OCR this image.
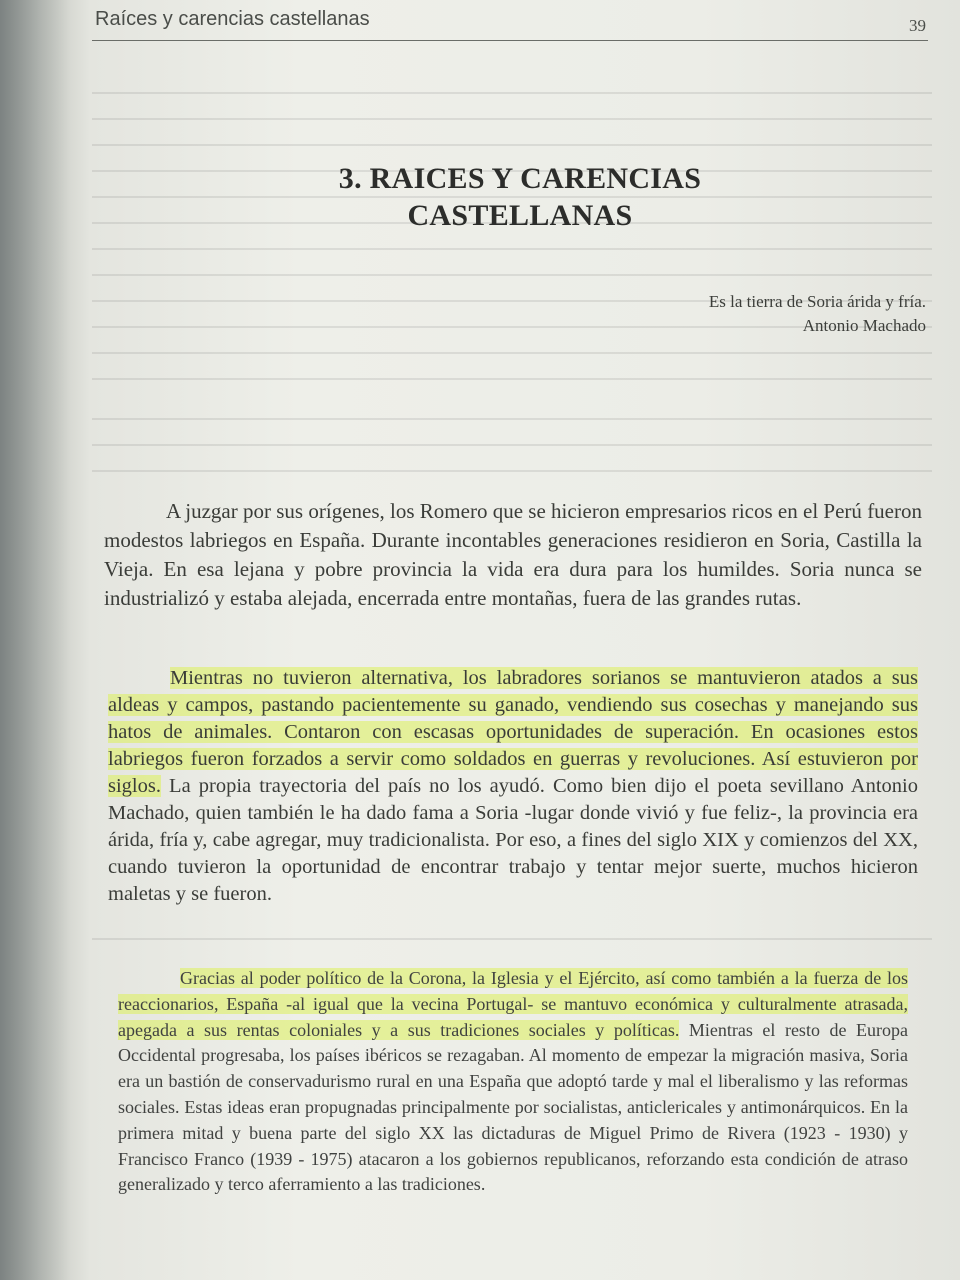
Raíces y carencias castellanas	39
3. RAICES Y CARENCIAS
CASTELLANAS
Es la tierra de Soria árida y fría.
Antonio Machado

A juzgar por sus orígenes, los Romero que se hicieron empresarios ricos en el Perú fueron modestos labriegos en España. Durante incontables generaciones residieron en Soria, Castilla la Vieja. En esa lejana y pobre provincia la vida era dura para los humildes. Soria nunca se industrializó y estaba alejada, encerrada entre montañas, fuera de las grandes rutas.

Mientras no tuvieron alternativa, los labradores sorianos se mantuvieron atados a sus aldeas y campos, pastando pacientemente su ganado, vendiendo sus cosechas y manejando sus hatos de animales. Contaron con escasas oportunidades de superación. En ocasiones estos labriegos fueron forzados a servir como soldados en guerras y revoluciones. Así estuvieron por siglos. La propia trayectoria del país no los ayudó. Como bien dijo el poeta sevillano Antonio Machado, quien también le ha dado fama a Soria -lugar donde vivió y fue feliz-, la provincia era árida, fría y, cabe agregar, muy tradicionalista. Por eso, a fines del siglo XIX y comienzos del XX, cuando tuvieron la oportunidad de encontrar trabajo y tentar mejor suerte, muchos hicieron maletas y se fueron.

Gracias al poder político de la Corona, la Iglesia y el Ejército, así como también a la fuerza de los reaccionarios, España -al igual que la vecina Portugal- se mantuvo económica y culturalmente atrasada, apegada a sus rentas coloniales y a sus tradiciones sociales y políticas. Mientras el resto de Europa Occidental progresaba, los países ibéricos se rezagaban. Al momento de empezar la migración masiva, Soria era un bastión de conservadurismo rural en una España que adoptó tarde y mal el liberalismo y las reformas sociales. Estas ideas eran propugnadas principalmente por socialistas, anticlericales y antimonárquicos. En la primera mitad y buena parte del siglo XX las dictaduras de Miguel Primo de Rivera (1923 - 1930) y Francisco Franco (1939 - 1975) atacaron a los gobiernos republicanos, reforzando esta condición de atraso generalizado y terco aferramiento a las tradiciones.
